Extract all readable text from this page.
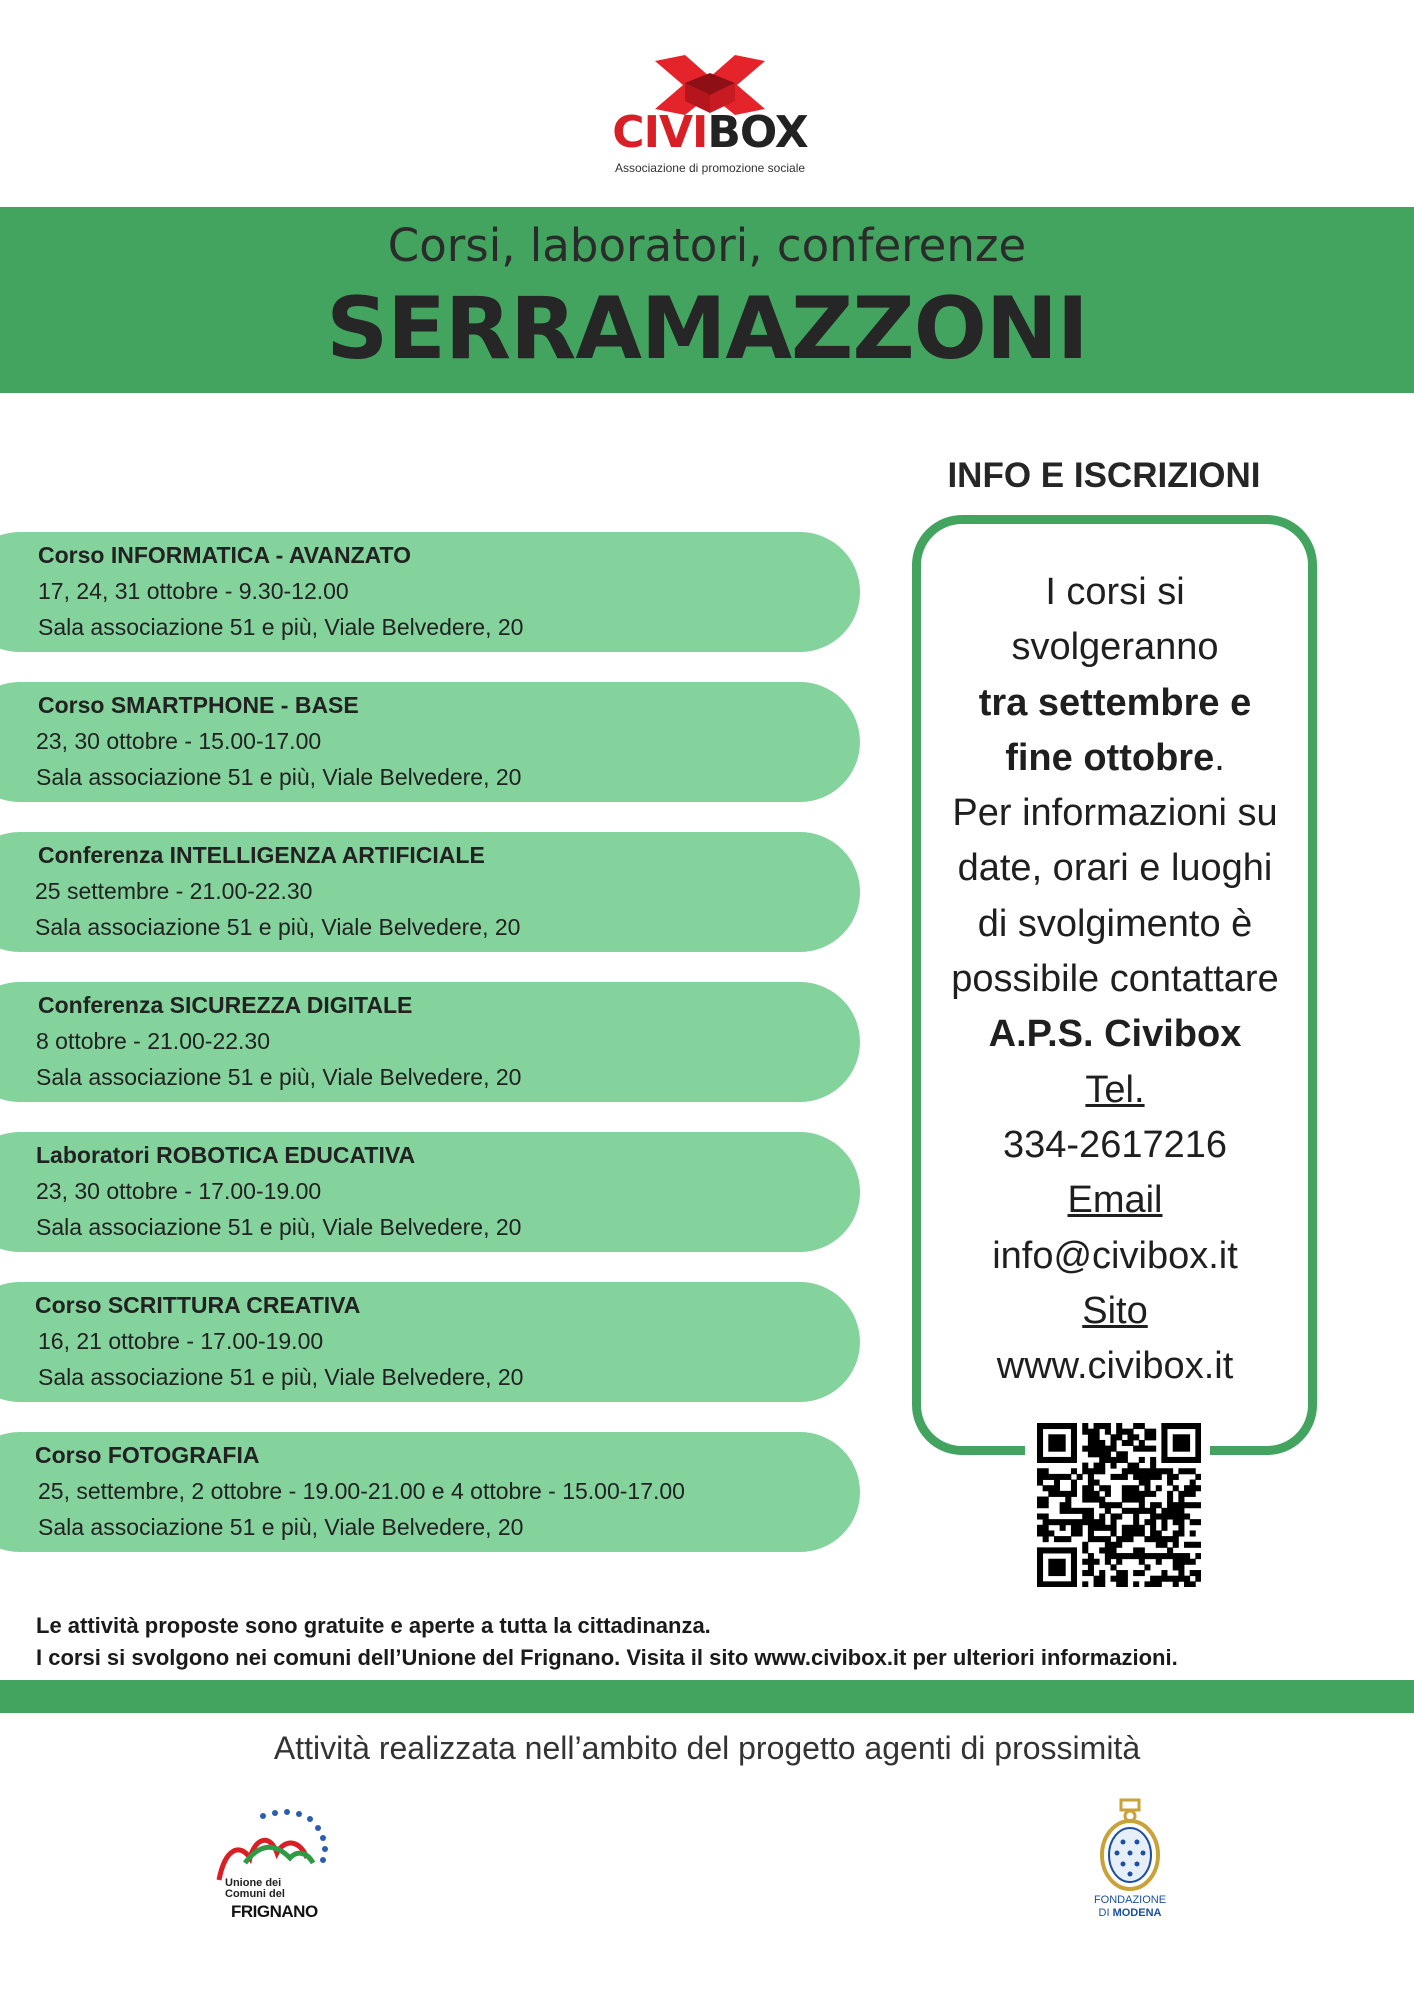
CIVIBOX
Associazione di promozione sociale
Corsi, laboratori, conferenze
SERRAMAZZONI
Corso INFORMATICA - AVANZATO
17, 24, 31 ottobre - 9.30-12.00
Sala associazione 51 e più, Viale Belvedere, 20
Corso SMARTPHONE - BASE
23, 30 ottobre - 15.00-17.00
Sala associazione 51 e più, Viale Belvedere, 20
Conferenza INTELLIGENZA ARTIFICIALE
25 settembre - 21.00-22.30
Sala associazione 51 e più, Viale Belvedere, 20
Conferenza SICUREZZA DIGITALE
8 ottobre - 21.00-22.30
Sala associazione 51 e più, Viale Belvedere, 20
Laboratori ROBOTICA EDUCATIVA
23, 30 ottobre - 17.00-19.00
Sala associazione 51 e più, Viale Belvedere, 20
Corso SCRITTURA CREATIVA
16, 21 ottobre - 17.00-19.00
Sala associazione 51 e più, Viale Belvedere, 20
Corso FOTOGRAFIA
25, settembre, 2 ottobre - 19.00-21.00 e 4 ottobre - 15.00-17.00
Sala associazione 51 e più, Viale Belvedere, 20
INFO E ISCRIZIONI
I corsi si
svolgeranno
tra settembre e
fine ottobre.
Per informazioni su
date, orari e luoghi
di svolgimento è
possibile contattare
A.P.S. Civibox
Tel.
334-2617216
Email
info@civibox.it
Sito
www.civibox.it
Le attività proposte sono gratuite e aperte a tutta la cittadinanza.
I corsi si svolgono nei comuni dell’Unione del Frignano. Visita il sito www.civibox.it per ulteriori informazioni.
Attività realizzata nell’ambito del progetto agenti di prossimità
Unione dei
Comuni del
FRIGNANO
FONDAZIONE
DI MODENA
